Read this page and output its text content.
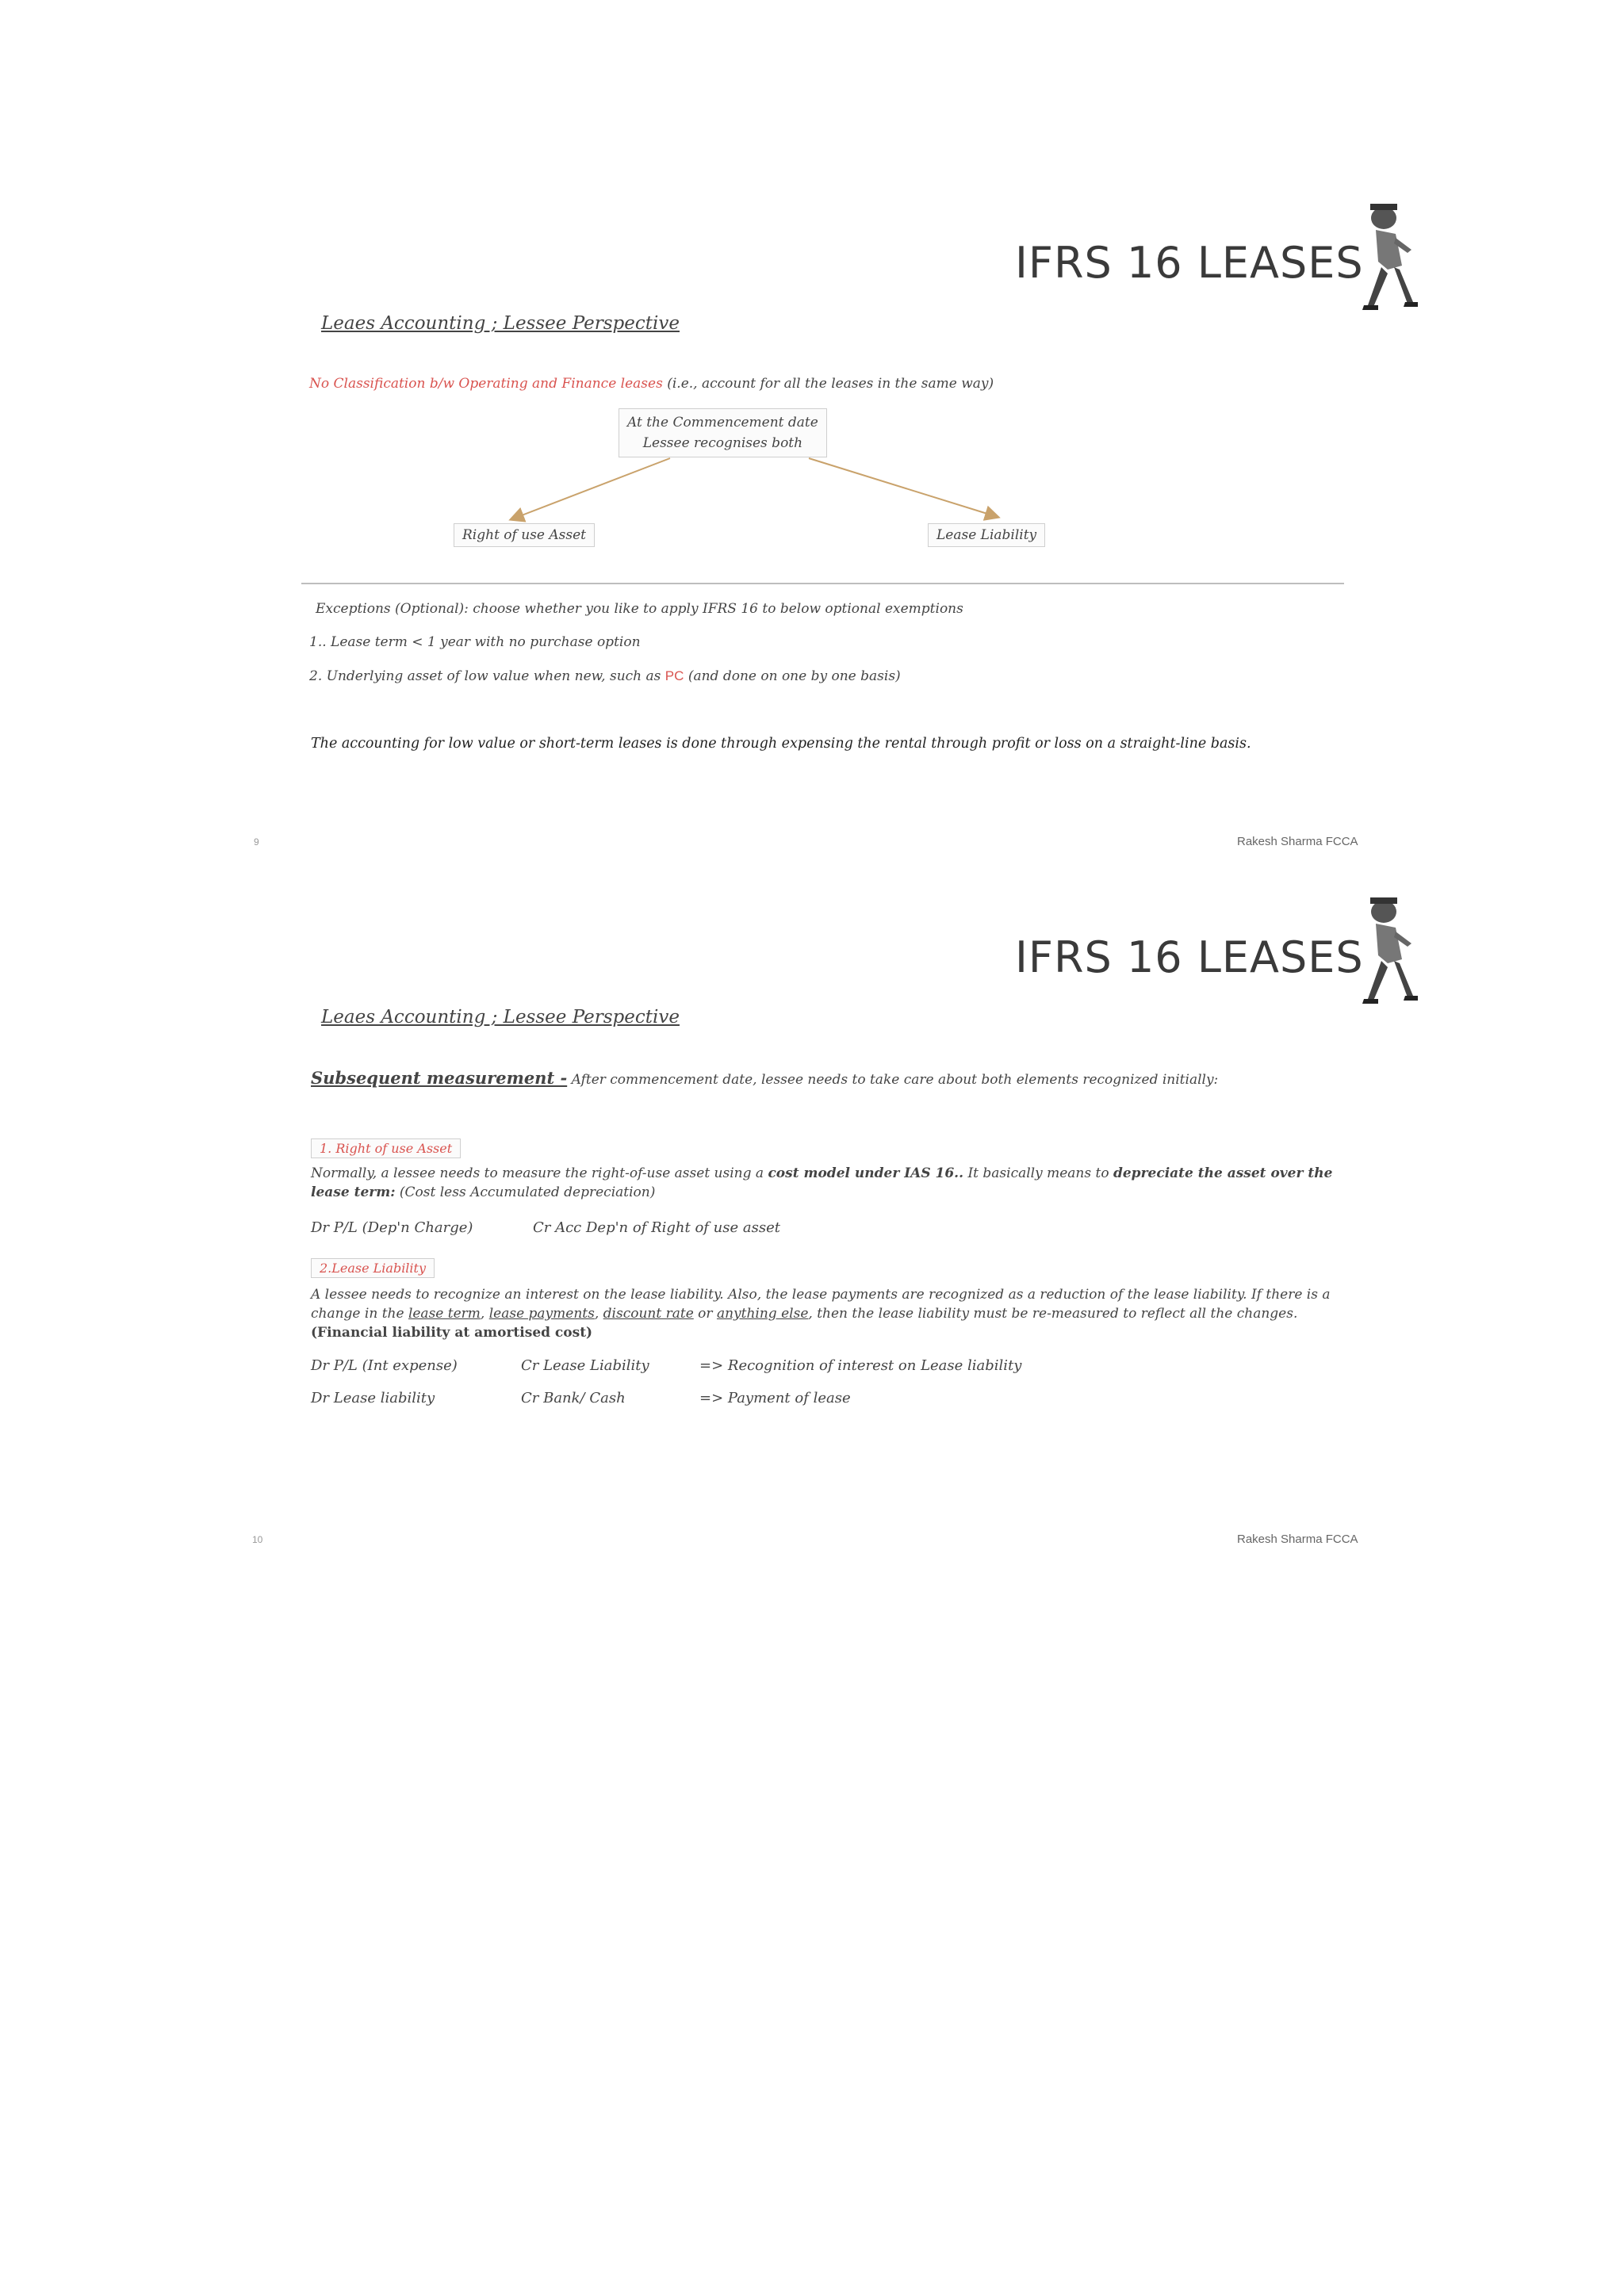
IFRS 16 LEASES
Leaes Accounting ; Lessee Perspective
No Classification b/w Operating and Finance leases (i.e., account for all the leases in the same way)
At the Commencement date
Lessee recognises both
Right of use Asset	Lease Liability
Exceptions (Optional): choose whether you like to apply IFRS 16 to below optional exemptions
1.. Lease term < 1 year with no purchase option
2. Underlying asset of low value when new, such as PC (and done on one by one basis)
The accounting for low value or short-term leases is done through expensing the rental through profit or loss on a straight-line basis.
9	Rakesh Sharma FCCA
IFRS 16 LEASES
Leaes Accounting ; Lessee Perspective
Subsequent measurement - After commencement date, lessee needs to take care about both elements recognized initially:
1. Right of use Asset
Normally, a lessee needs to measure the right-of-use asset using a cost model under IAS 16.. It basically means to depreciate the asset over the lease term: (Cost less Accumulated depreciation)
Dr P/L (Dep'n Charge)	Cr Acc Dep'n of Right of use asset
2.Lease Liability
A lessee needs to recognize an interest on the lease liability. Also, the lease payments are recognized as a reduction of the lease liability. If there is a change in the lease term, lease payments, discount rate or anything else, then the lease liability must be re-measured to reflect all the changes. (Financial liability at amortised cost)
Dr P/L (Int expense)	Cr Lease Liability	=> Recognition of interest on Lease liability
Dr Lease liability	Cr Bank/ Cash	=> Payment of lease
10	Rakesh Sharma FCCA
